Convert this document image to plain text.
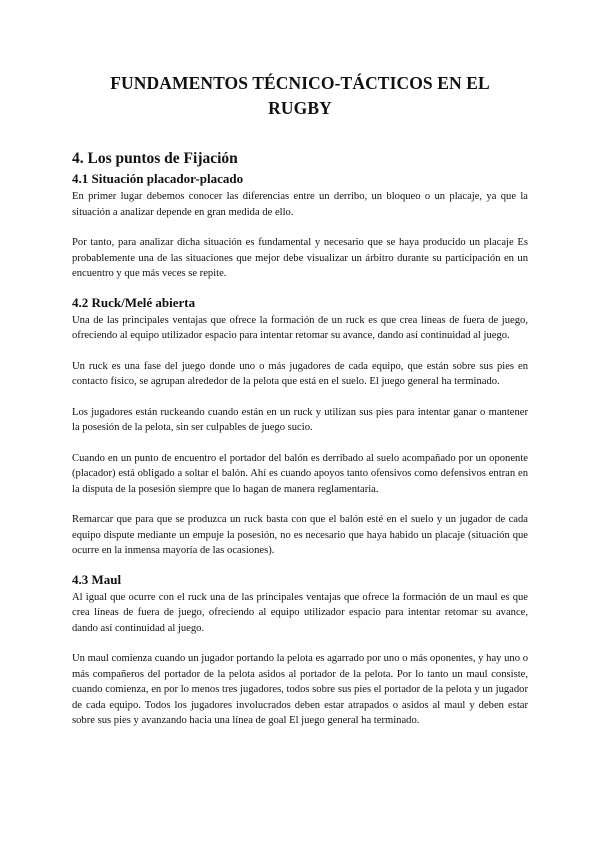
FUNDAMENTOS TÉCNICO-TÁCTICOS EN EL
RUGBY
4. Los puntos de Fijación
4.1 Situación placador-placado

En primer lugar debemos conocer las diferencias entre un derribo, un bloqueo o un placaje, ya que la situación a analizar depende en gran medida de ello.

Por tanto, para analizar dicha situación es fundamental y necesario que se haya producido un placaje Es probablemente una de las situaciones que mejor debe visualizar un árbitro durante su participación en un encuentro y que más veces se repite.

4.2 Ruck/Melé abierta

Una de las principales ventajas que ofrece la formación de un ruck es que crea líneas de fuera de juego, ofreciendo al equipo utilizador espacio para intentar retomar su avance, dando así continuidad al juego.

Un ruck es una fase del juego donde uno o más jugadores de cada equipo, que están sobre sus pies en contacto físico, se agrupan alrededor de la pelota que está en el suelo. El juego general ha terminado.

Los jugadores están ruckeando cuando están en un ruck y utilizan sus pies para intentar ganar o mantener la posesión de la pelota, sin ser culpables de juego sucio.

Cuando en un punto de encuentro el portador del balón es derribado al suelo acompañado por un oponente (placador) está obligado a soltar el balón. Ahí es cuando apoyos tanto ofensivos como defensivos entran en la disputa de la posesión siempre que lo hagan de manera reglamentaria.

Remarcar que para que se produzca un ruck basta con que el balón esté en el suelo y un jugador de cada equipo dispute mediante un empuje la posesión, no es necesario que haya habido un placaje (situación que ocurre en la inmensa mayoría de las ocasiones).

4.3 Maul

Al igual que ocurre con el ruck una de las principales ventajas que ofrece la formación de un maul es que crea líneas de fuera de juego, ofreciendo al equipo utilizador espacio para intentar retomar su avance, dando así continuidad al juego.

Un maul comienza cuando un jugador portando la pelota es agarrado por uno o más oponentes, y hay uno o más compañeros del portador de la pelota asidos al portador de la pelota. Por lo tanto un maul consiste, cuando comienza, en por lo menos tres jugadores, todos sobre sus pies el portador de la pelota y un jugador de cada equipo. Todos los jugadores involucrados deben estar atrapados o asidos al maul y deben estar sobre sus pies y avanzando hacia una línea de goal El juego general ha terminado.
